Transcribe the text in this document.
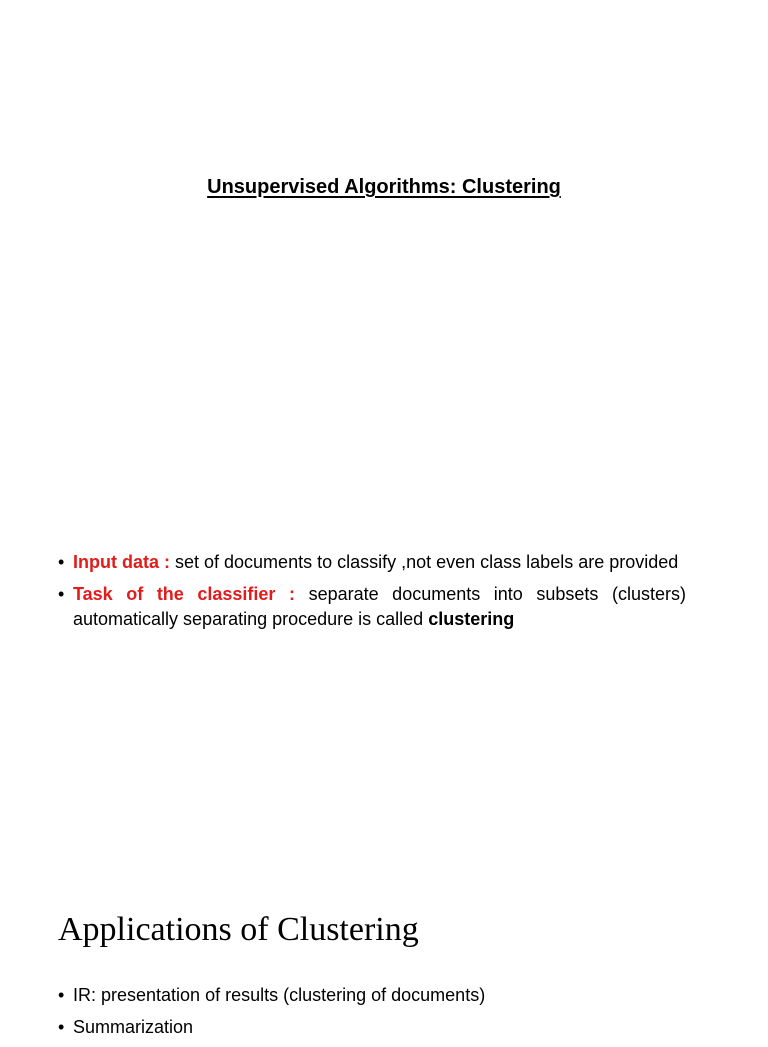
Unsupervised Algorithms: Clustering
• Input data : set of documents to classify ,not even class labels are provided
• Task of the classifier : separate documents into subsets (clusters) automatically separating procedure is called clustering
Applications of Clustering
• IR: presentation of results (clustering of documents)
• Summarization
